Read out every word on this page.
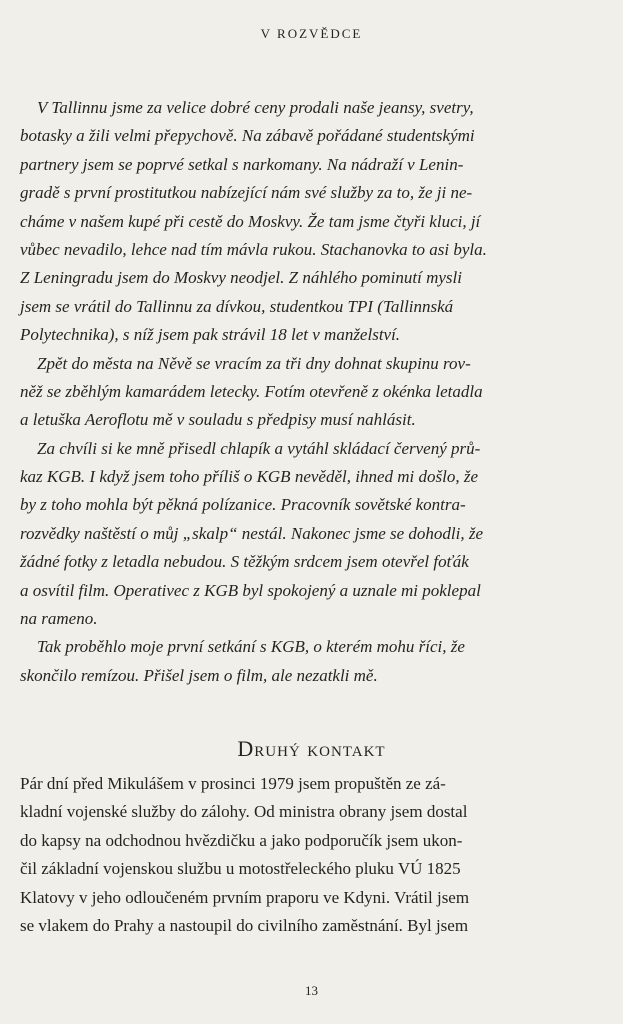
V ROZVĚDCE
V Tallinnu jsme za velice dobré ceny prodali naše jeansy, svetry,
botasky a žili velmi přepychově. Na zábavě pořádané studentskými
partnery jsem se poprvé setkal s narkomany. Na nádraží v Lenin-
gradě s první prostitutkou nabízející nám své služby za to, že ji ne-
cháme v našem kupé při cestě do Moskvy. Že tam jsme čtyři kluci, jí
vůbec nevadilo, lehce nad tím mávla rukou. Stachanovka to asi byla.
Z Leningradu jsem do Moskvy neodjel. Z náhlého pominutí mysli
jsem se vrátil do Tallinnu za dívkou, studentkou TPI (Tallinnská
Polytechnika), s níž jsem pak strávil 18 let v manželství.
Zpět do města na Něvě se vracím za tři dny dohnat skupinu rov-
něž se zběhlým kamarádem letecky. Fotím otevřeně z okénka letadla
a letuška Aeroflotu mě v souladu s předpisy musí nahlásit.
Za chvíli si ke mně přisedl chlapík a vytáhl skládací červený prů-
kaz KGB. I když jsem toho příliš o KGB nevěděl, ihned mi došlo, že
by z toho mohla být pěkná polízanice. Pracovník sovětské kontra-
rozvědky naštěstí o můj „skalp“ nestál. Nakonec jsme se dohodli, že
žádné fotky z letadla nebudou. S těžkým srdcem jsem otevřel foťák
a osvítil film. Operativec z KGB byl spokojený a uznale mi poklepal
na rameno.
Tak proběhlo moje první setkání s KGB, o kterém mohu říci, že
skončilo remízou. Přišel jsem o film, ale nezatkli mě.
Druhý kontakt
Pár dní před Mikulášem v prosinci 1979 jsem propuštěn ze zá-
kladní vojenské služby do zálohy. Od ministra obrany jsem dostal
do kapsy na odchodnou hvězdičku a jako podporučík jsem ukon-
čil základní vojenskou službu u motostřeleckého pluku VÚ 1825
Klatovy v jeho odloučeném prvním praporu ve Kdyni. Vrátil jsem
se vlakem do Prahy a nastoupil do civilního zaměstnání. Byl jsem
13
